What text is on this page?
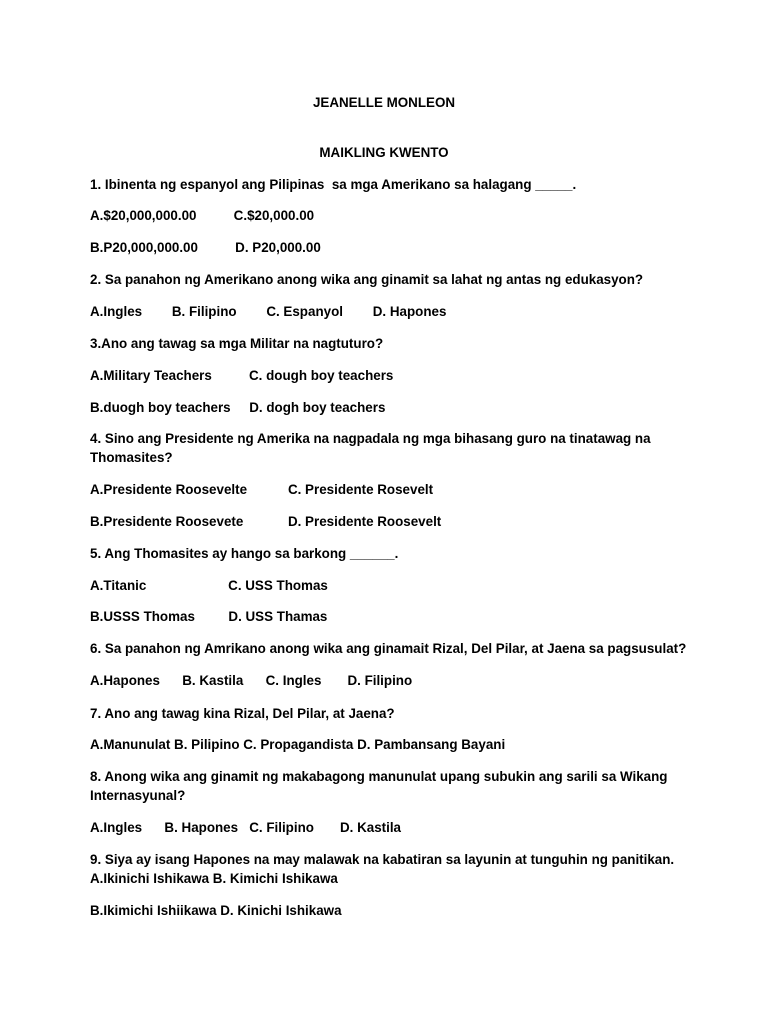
JEANELLE MONLEON
MAIKLING KWENTO
1. Ibinenta ng espanyol ang Pilipinas  sa mga Amerikano sa halagang _____.
A.$20,000,000.00          C.$20,000.00
B.P20,000,000.00          D. P20,000.00
2. Sa panahon ng Amerikano anong wika ang ginamit sa lahat ng antas ng edukasyon?
A.Ingles        B. Filipino        C. Espanyol        D. Hapones
3.Ano ang tawag sa mga Militar na nagtuturo?
A.Military Teachers          C. dough boy teachers
B.duogh boy teachers     D. dogh boy teachers
4. Sino ang Presidente ng Amerika na nagpadala ng mga bihasang guro na tinatawag na
Thomasites?
A.Presidente Roosevelte           C. Presidente Rosevelt
B.Presidente Roosevete            D. Presidente Roosevelt
5. Ang Thomasites ay hango sa barkong ______.
A.Titanic                      C. USS Thomas
B.USSS Thomas         D. USS Thamas
6. Sa panahon ng Amrikano anong wika ang ginamait Rizal, Del Pilar, at Jaena sa pagsusulat?
A.Hapones      B. Kastila      C. Ingles       D. Filipino
7. Ano ang tawag kina Rizal, Del Pilar, at Jaena?
A.Manunulat B. Pilipino C. Propagandista D. Pambansang Bayani
8. Anong wika ang ginamit ng makabagong manunulat upang subukin ang sarili sa Wikang
Internasyunal?
A.Ingles      B. Hapones   C. Filipino       D. Kastila
9. Siya ay isang Hapones na may malawak na kabatiran sa layunin at tunguhin ng panitikan.
A.Ikinichi Ishikawa B. Kimichi Ishikawa
B.Ikimichi Ishiikawa D. Kinichi Ishikawa
